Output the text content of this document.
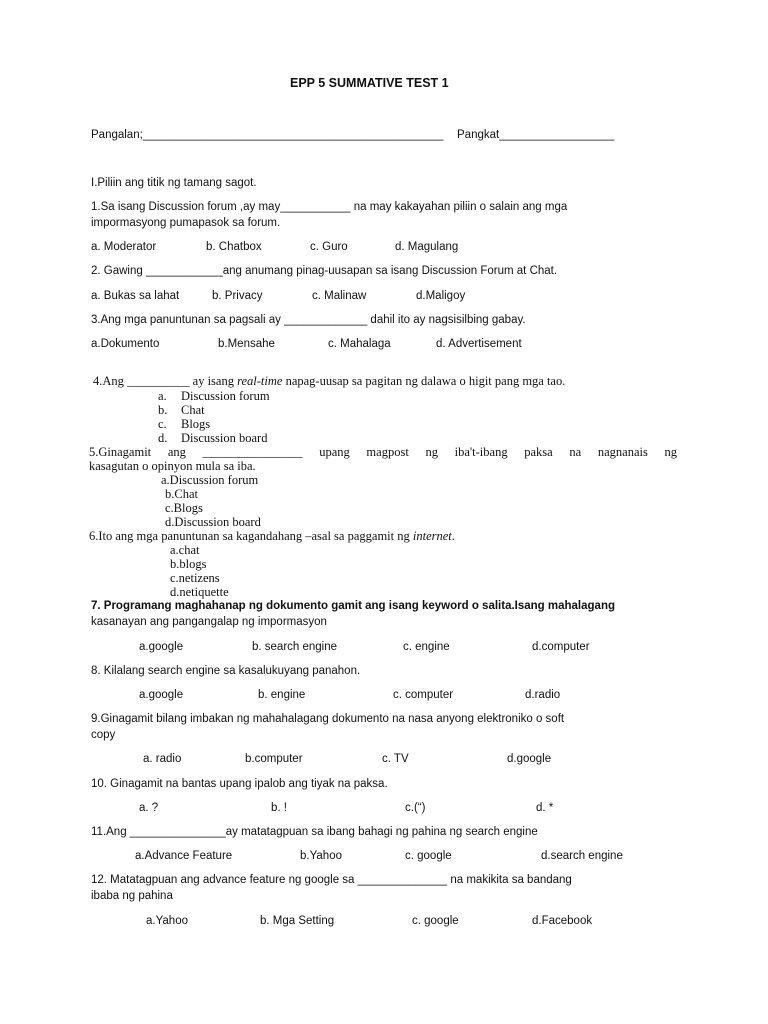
EPP 5 SUMMATIVE TEST 1
Pangalan;_______________________________________________ Pangkat__________________
I.Piliin ang titik ng tamang sagot.
1.Sa isang Discussion forum ,ay may___________ na may kakayahan piliin o salain ang mga
impormasyong pumapasok sa forum.
a. Moderator	b. Chatbox	c. Guro	d. Magulang
2. Gawing ____________ang anumang pinag-uusapan sa isang Discussion Forum at Chat.
a. Bukas sa lahat	b. Privacy	c. Malinaw	d.Maligoy
3.Ang mga panuntunan sa pagsali ay _____________ dahil ito ay nagsisilbing gabay.
a.Dokumento	b.Mensahe	c. Mahalaga	d. Advertisement
4.Ang __________ ay isang real-time napag-uusap sa pagitan ng dalawa o higit pang mga tao.
a. Discussion forum
b. Chat
c. Blogs
d. Discussion board
5.Ginagamit ang ________________ upang magpost ng iba't-ibang paksa na nagnanais ng
kasagutan o opinyon mula sa iba.
a.Discussion forum
b.Chat
c.Blogs
d.Discussion board
6.Ito ang mga panuntunan sa kagandahang –asal sa paggamit ng internet.
a.chat
b.blogs
c.netizens
d.netiquette
7. Programang maghahanap ng dokumento gamit ang isang keyword o salita.Isang mahalagang
kasanayan ang pangangalap ng impormasyon
a.google	b. search engine	c. engine	d.computer
8. Kilalang search engine sa kasalukuyang panahon.
a.google	b. engine	c. computer	d.radio
9.Ginagamit bilang imbakan ng mahahalagang dokumento na nasa anyong elektroniko o soft
copy
a. radio	b.computer	c. TV	d.google
10. Ginagamit na bantas upang ipalob ang tiyak na paksa.
a. ?	b. !	c.(“)	d. *
11.Ang _______________ay matatagpuan sa ibang bahagi ng pahina ng search engine
a.Advance Feature	b.Yahoo	c. google	d.search engine
12. Matatagpuan ang advance feature ng google sa ______________ na makikita sa bandang
ibaba ng pahina
a.Yahoo	b. Mga Setting	c. google	d.Facebook
